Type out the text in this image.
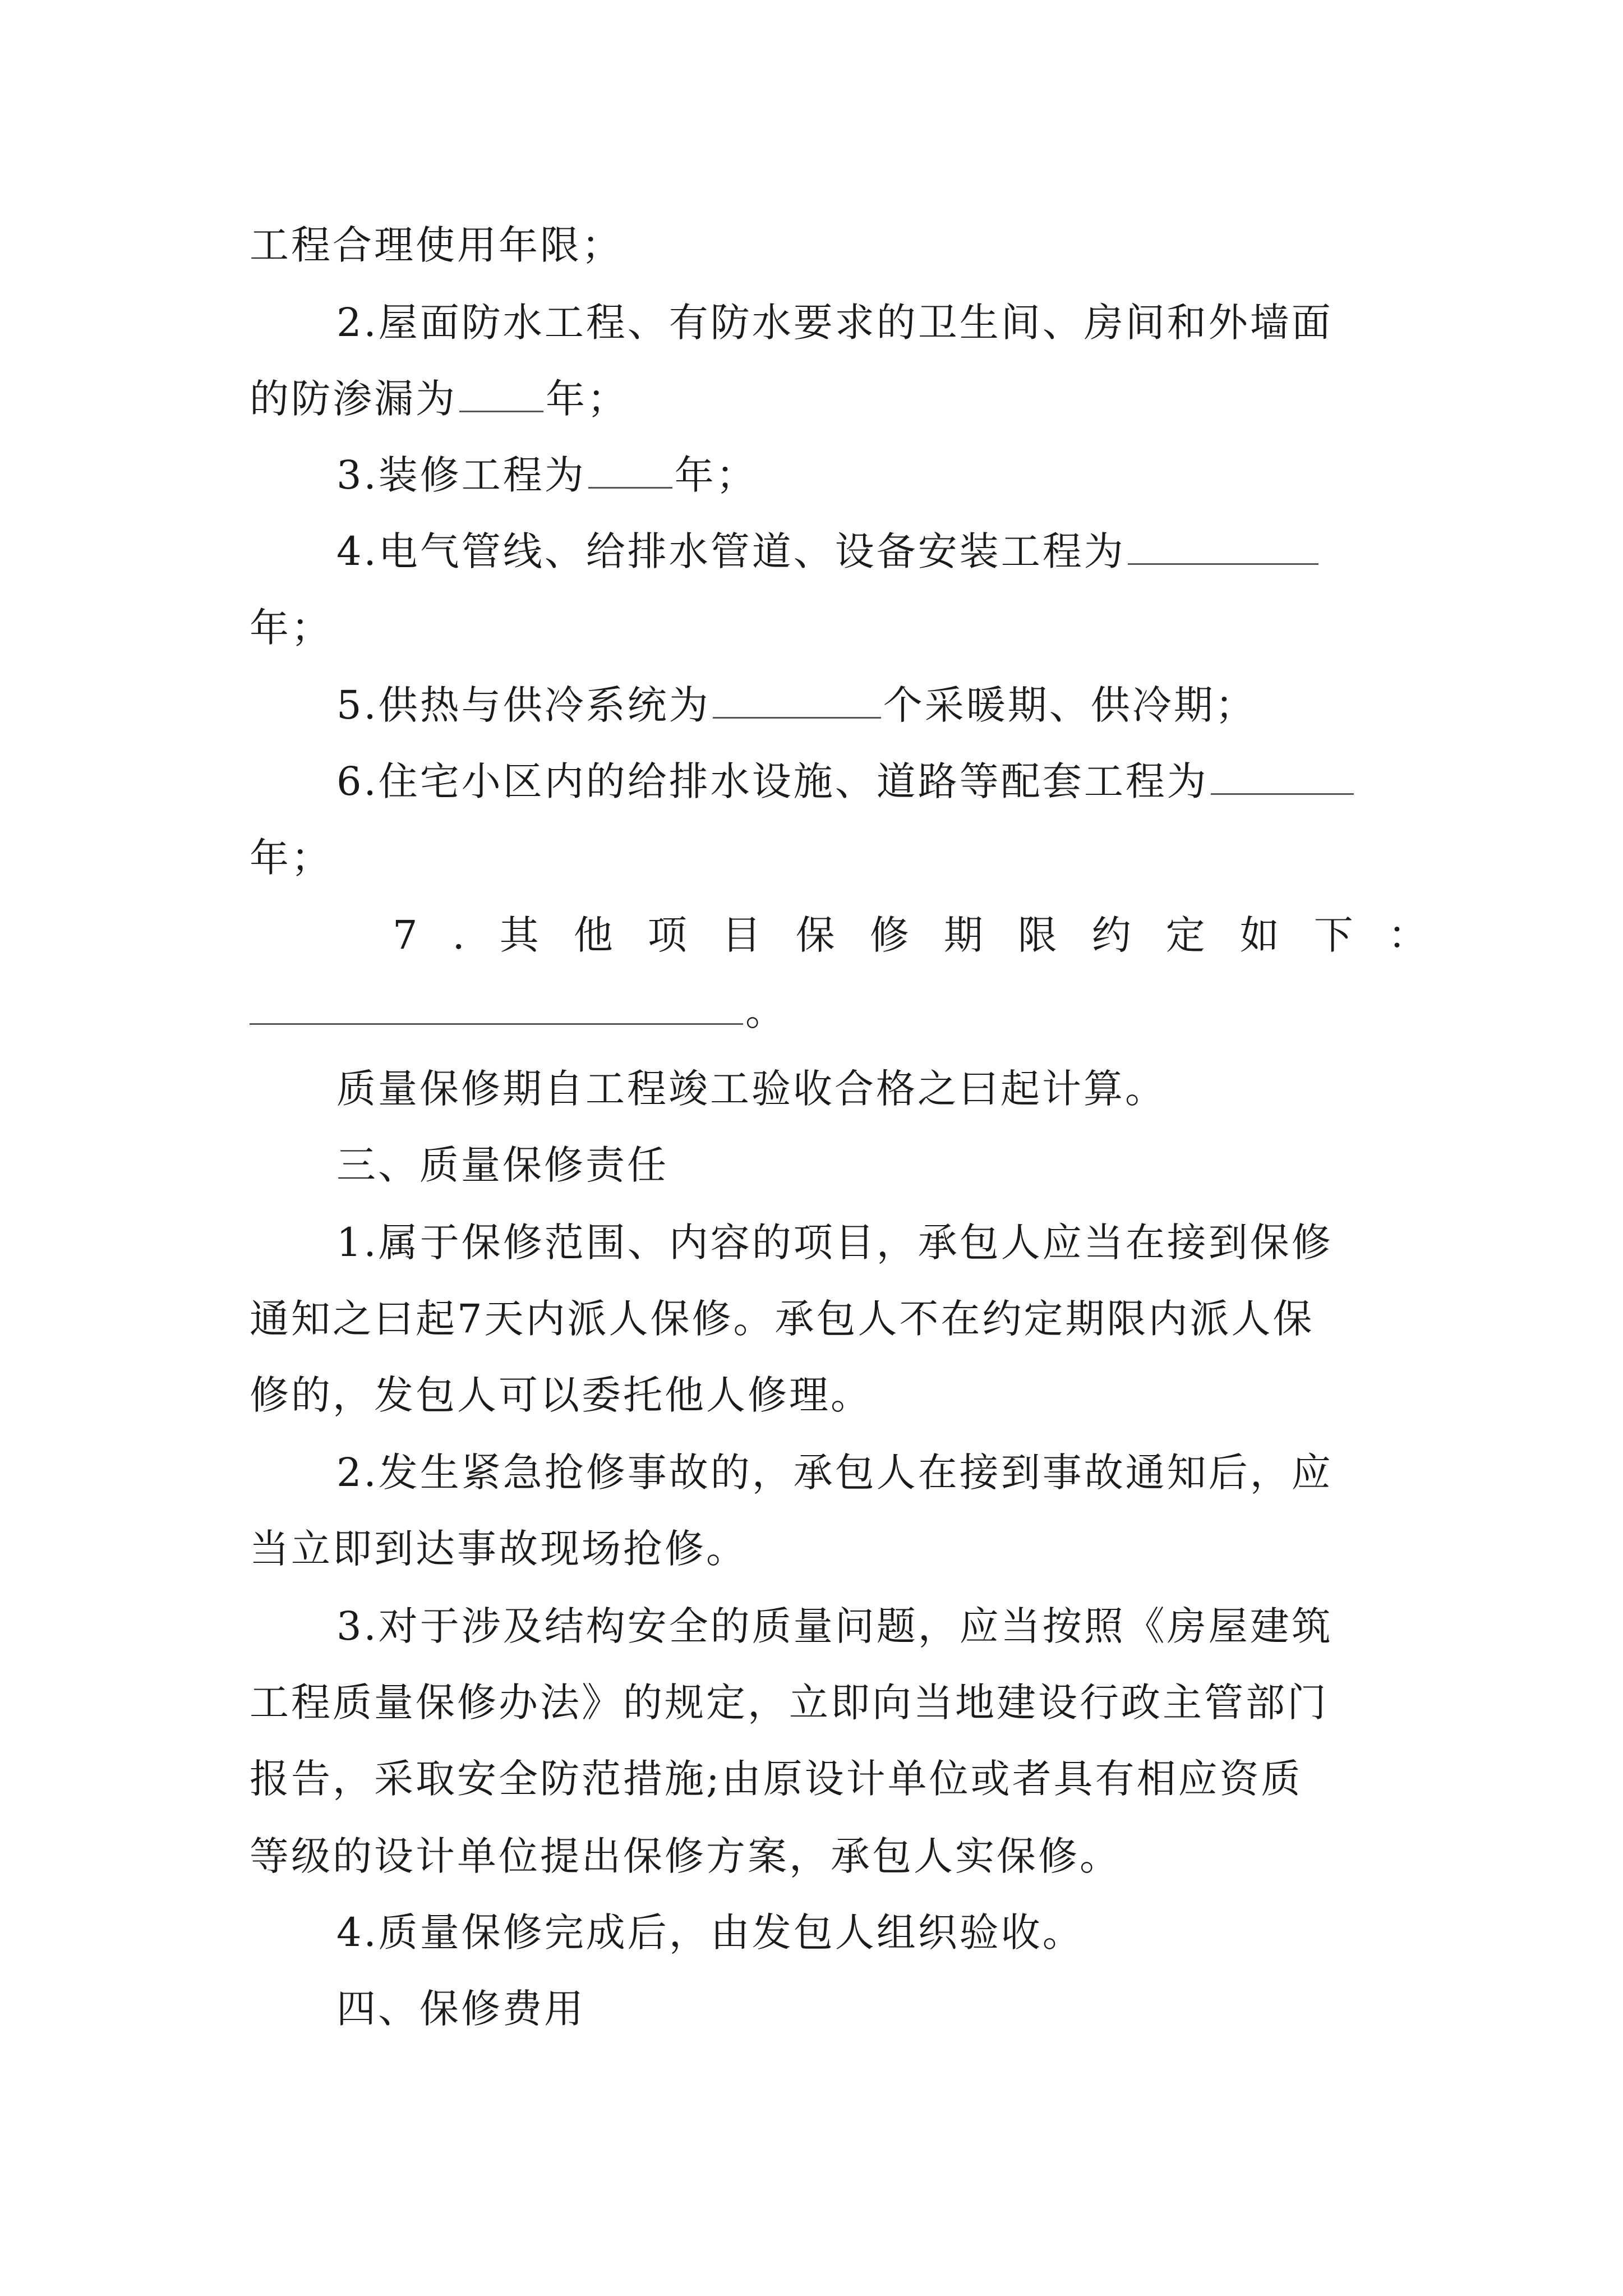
工程合理使用年限；
2.屋面防水工程、有防水要求的卫生间、房间和外墙面
的防渗漏为 年；
3.装修工程为 年；
4.电气管线、给排水管道、设备安装工程为
年；
5.供热与供冷系统为	个采暖期、供冷期；
6.住宅小区内的给排水设施、道路等配套工程为
年；
7.其他项目保修期限约定如下：
。
质量保修期自工程竣工验收合格之曰起计算。
三、质量保修责任
1.属于保修范围、内容的项目，承包人应当在接到保修
通知之曰起7天内派人保修。承包人不在约定期限内派人保
修的，发包人可以委托他人修理。
2.发生紧急抢修事故的，承包人在接到事故通知后，应
当立即到达事故现场抢修。
3.对于涉及结构安全的质量问题，应当按照《房屋建筑
工程质量保修办法》的规定，立即向当地建设行政主管部门
报告，采取安全防范措施;由原设计单位或者具有相应资质
等级的设计单位提出保修方案，承包人实保修。
4.质量保修完成后，由发包人组织验收。
四、保修费用
